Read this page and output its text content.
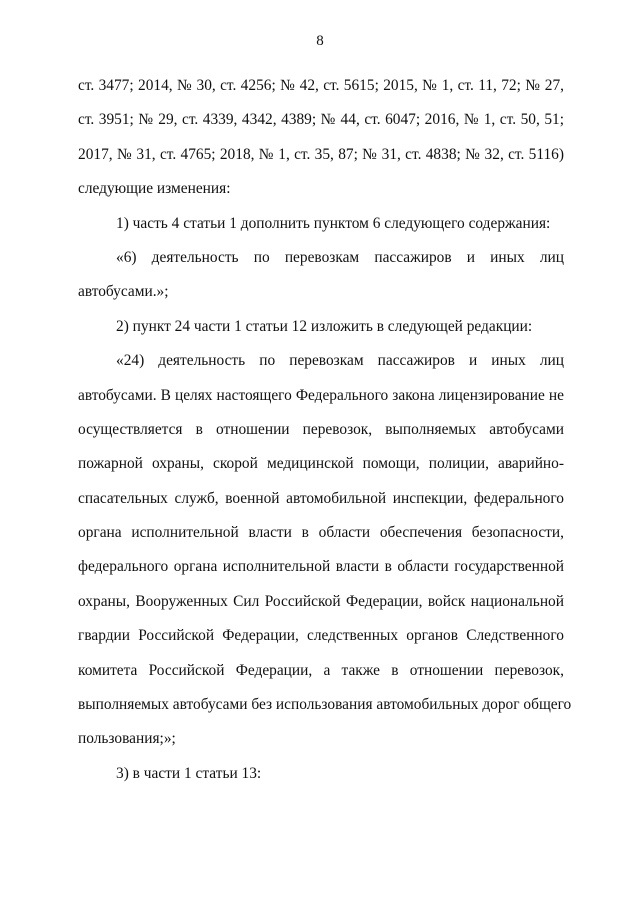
8
ст. 3477; 2014, № 30, ст. 4256; № 42, ст. 5615; 2015, № 1, ст. 11, 72; № 27,
ст. 3951; № 29, ст. 4339, 4342, 4389; № 44, ст. 6047; 2016, № 1, ст. 50, 51;
2017, № 31, ст. 4765; 2018, № 1, ст. 35, 87; № 31, ст. 4838; № 32, ст. 5116)
следующие изменения:
1) часть 4 статьи 1 дополнить пунктом 6 следующего содержания:
«6) деятельность по перевозкам пассажиров и иных лиц
автобусами.»;
2) пункт 24 части 1 статьи 12 изложить в следующей редакции:
«24) деятельность по перевозкам пассажиров и иных лиц
автобусами. В целях настоящего Федерального закона лицензирование не
осуществляется в отношении перевозок, выполняемых автобусами
пожарной охраны, скорой медицинской помощи, полиции, аварийно-
спасательных служб, военной автомобильной инспекции, федерального
органа исполнительной власти в области обеспечения безопасности,
федерального органа исполнительной власти в области государственной
охраны, Вооруженных Сил Российской Федерации, войск национальной
гвардии Российской Федерации, следственных органов Следственного
комитета Российской Федерации, а также в отношении перевозок,
выполняемых автобусами без использования автомобильных дорог общего
пользования;»;
3) в части 1 статьи 13:
